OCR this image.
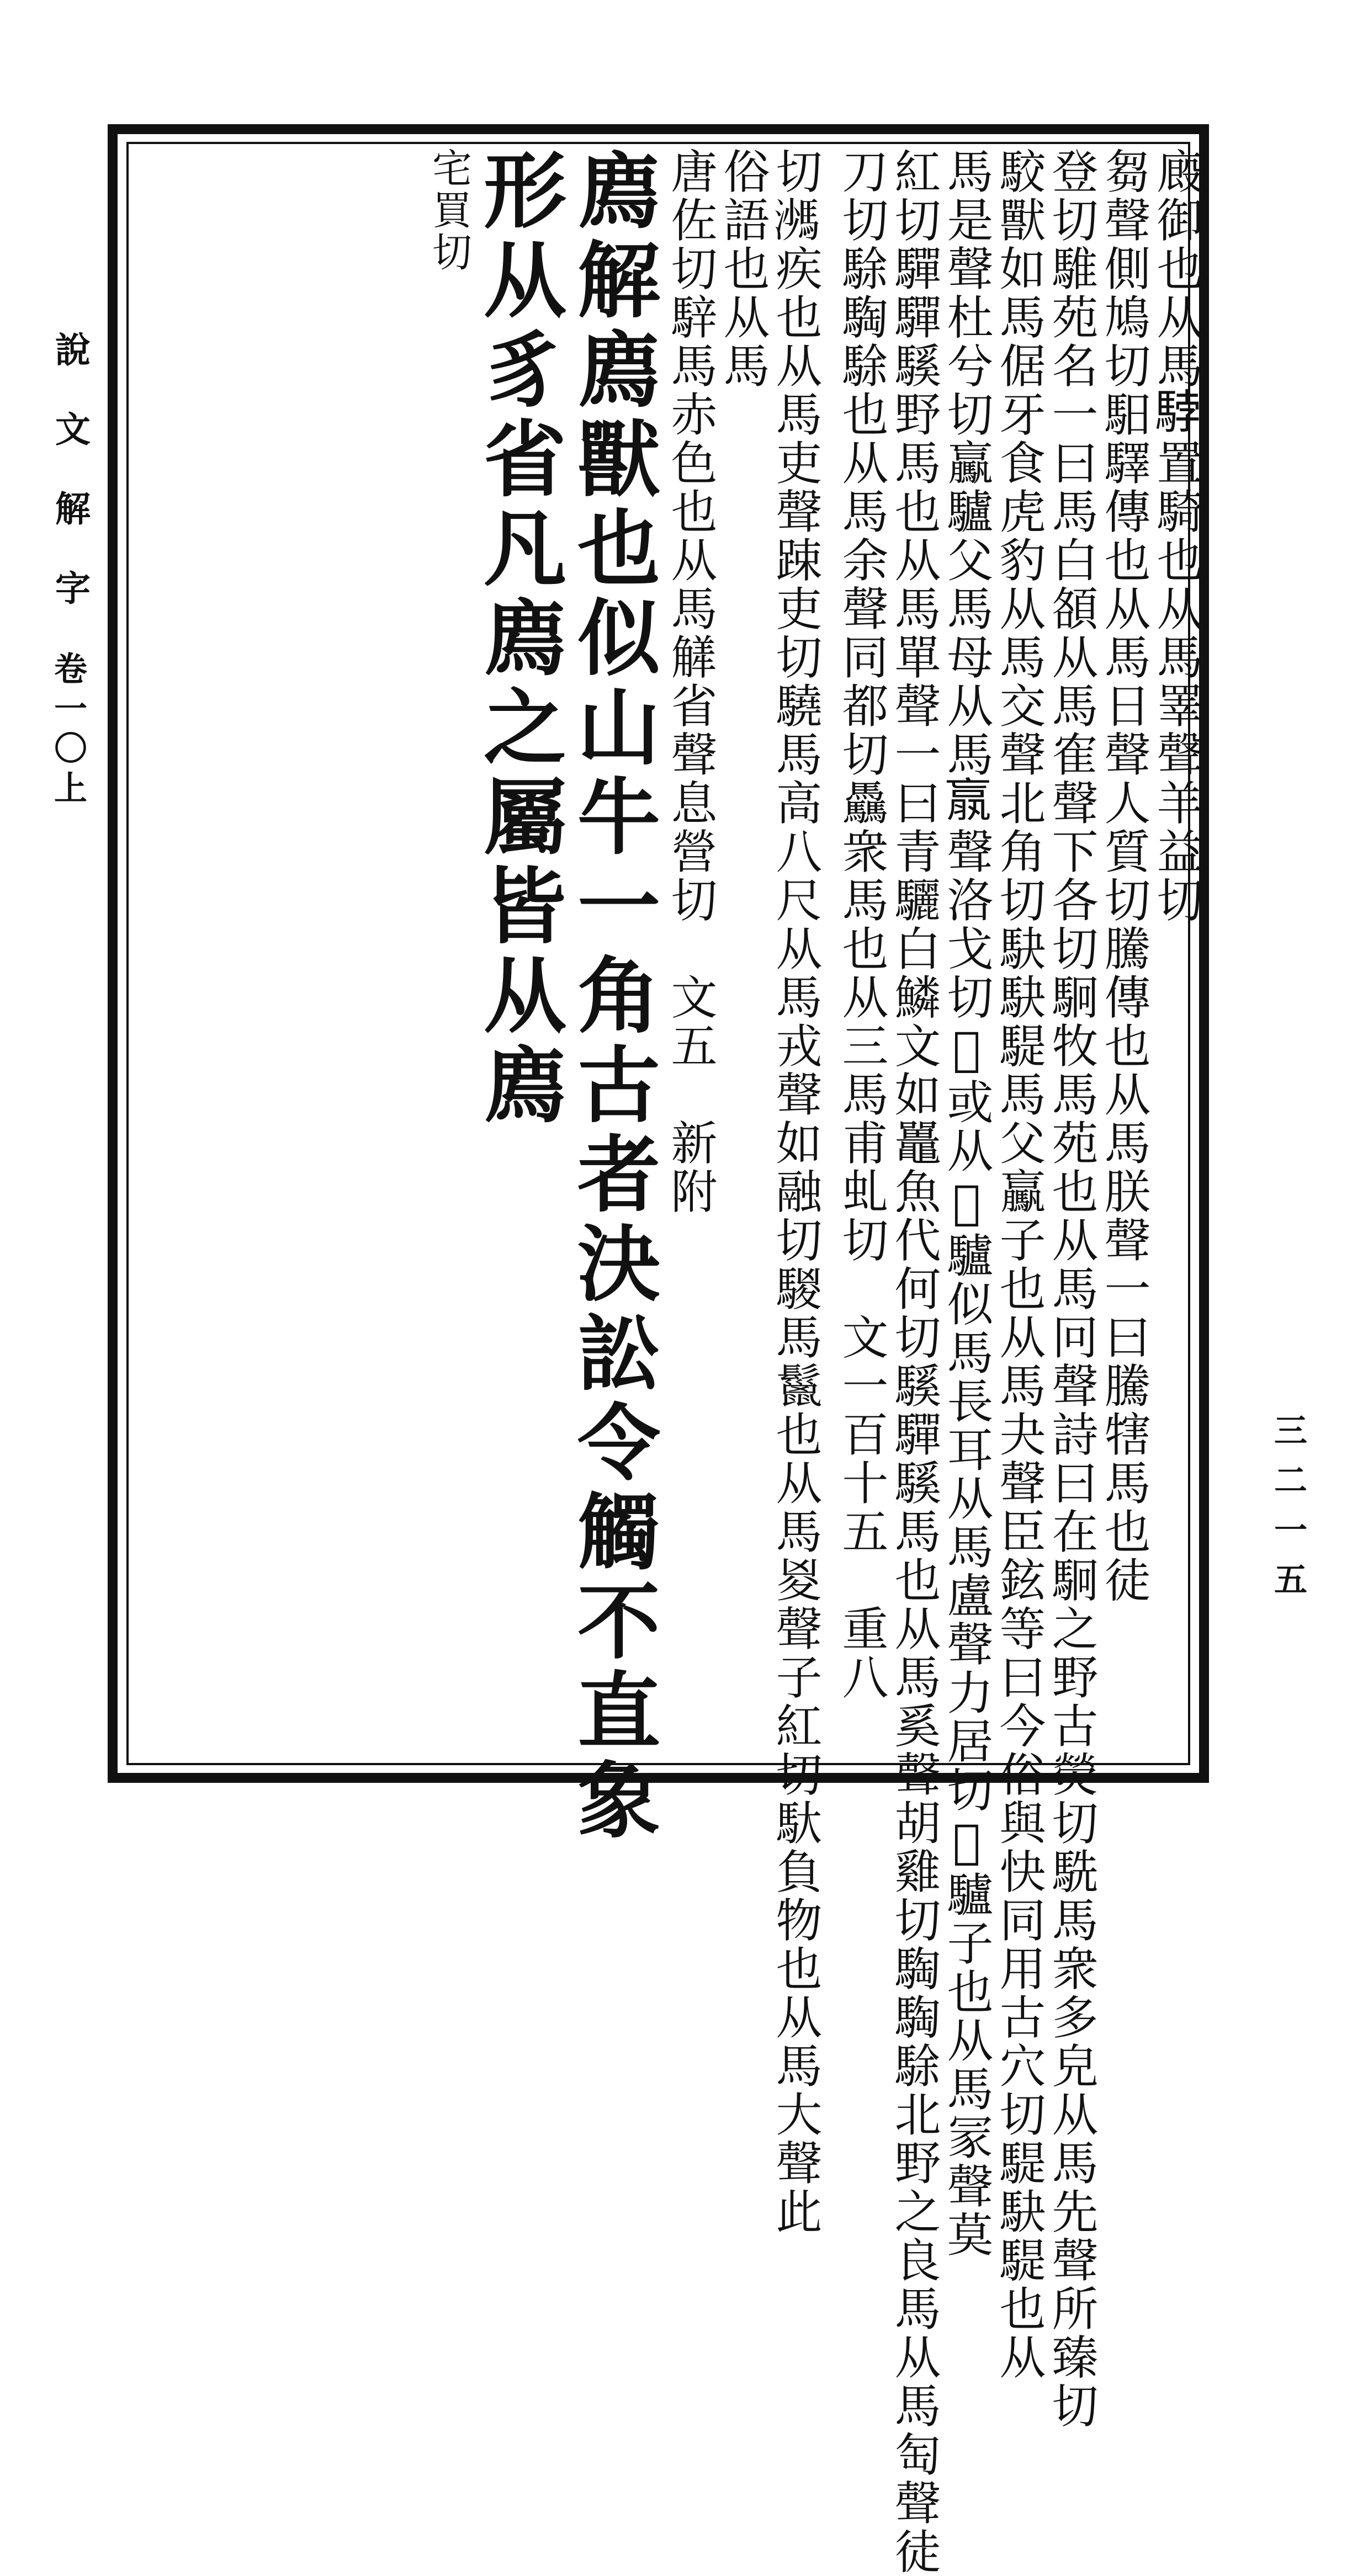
說文解字
卷一〇上
三二一五
廄御也从馬𩣡置騎也从馬睪聲羊益切
芻聲側鳩切馹驛傳也从馬日聲人質切騰傳也从馬朕聲一曰騰犗馬也徒
登切騅苑名一曰馬白頟从馬隺聲下各切駉牧馬苑也从馬冋聲詩曰在駉之野古熒切駪馬衆多皃从馬先聲所臻切
駮獸如馬倨牙食虎豹从馬交聲北角切駃駃騠馬父驘子也从馬夬聲臣鉉等曰今俗與快同用古穴切騠駃騠也从
馬是聲杜兮切驘驢父馬母从馬𣎆聲洛戈切𩧪或从𡣍驢似馬長耳从馬盧聲力居切𩦥驢子也从馬冡聲莫
紅切驒驒騱野馬也从馬單聲一曰青驪白鱗文如鼉魚代何切騱驒騱馬也从馬奚聲胡雞切騊騊駼北野之良馬从馬匋聲徒
刀切駼騊駼也从馬余聲同都切驫衆馬也从三馬甫虬切　文一百十五　重八
切𩣠疾也从馬吏聲踈吏切驍馬高八尺从馬戎聲如融切騣馬鬣也从馬㚇聲子紅切馱負物也从馬大聲此
俗語也从馬
唐佐切騂馬赤色也从馬觲省聲息營切　文五　新附
廌解廌獸也似山牛一角古者決訟令觸不直象
形从豸省凡廌之屬皆从廌
宅買切
